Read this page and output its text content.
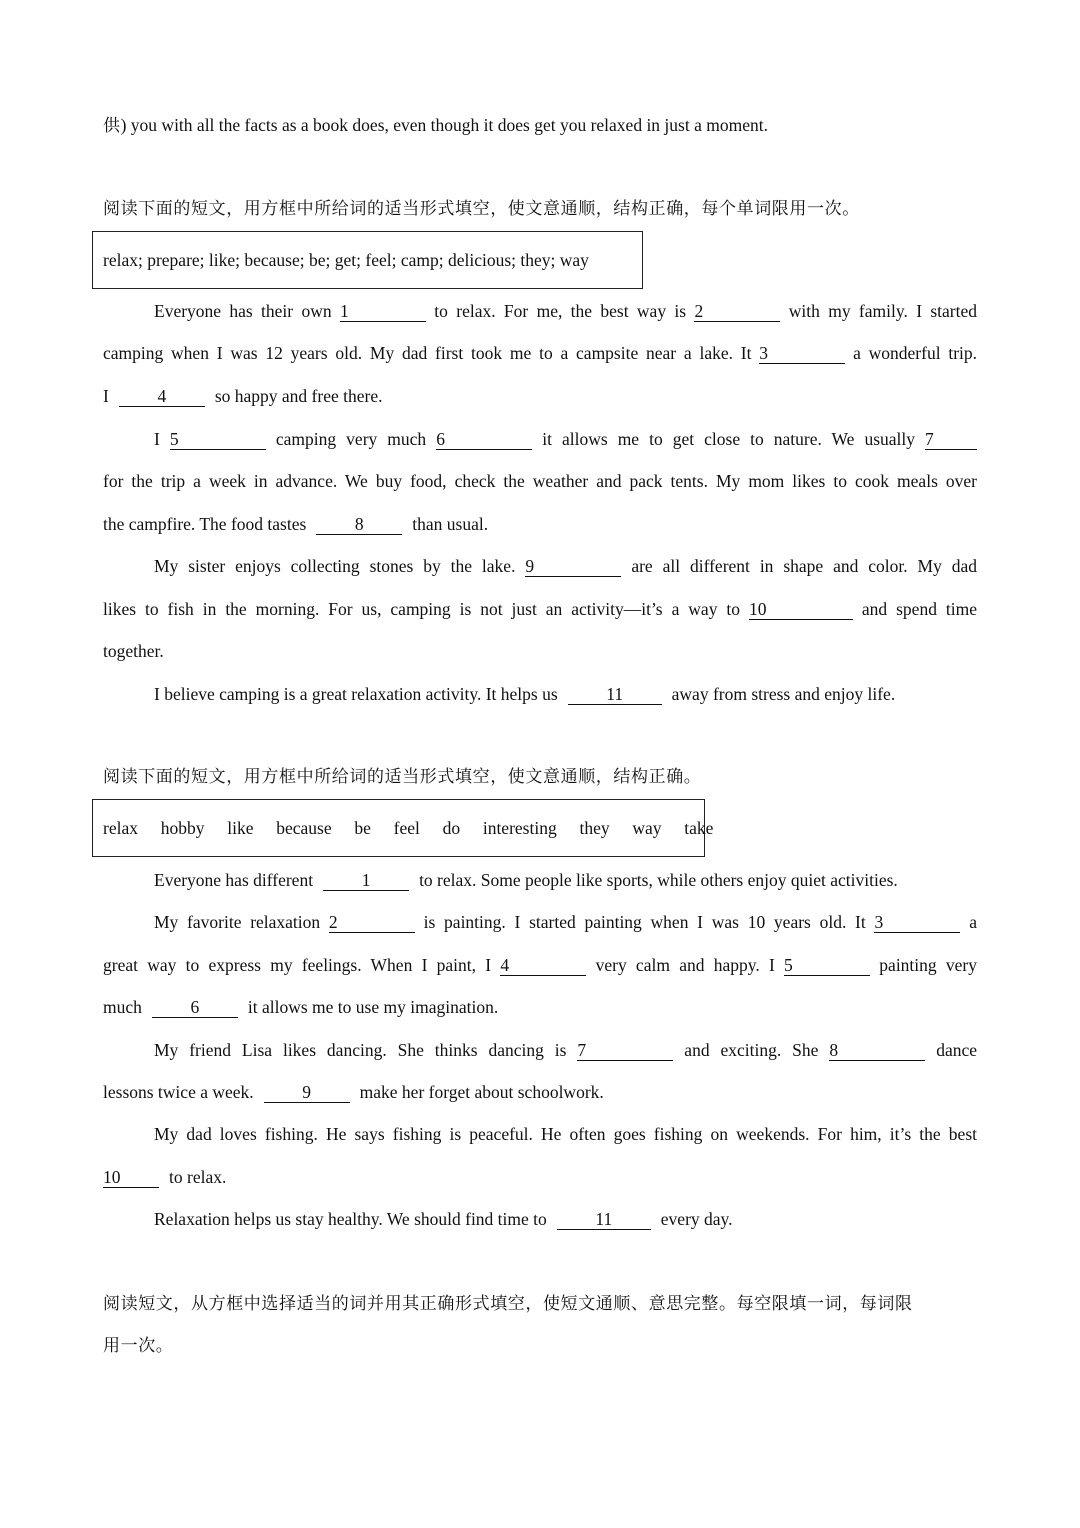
供) you with all the facts as a book does, even though it does get you relaxed in just a moment.
阅读下面的短文，用方框中所给词的适当形式填空，使文意通顺，结构正确，每个单词限用一次。
relax; prepare; like; because; be; get; feel; camp; delicious; they; way
Everyone has their own 1	to relax. For me, the best way is 2	with my family. I started
camping when I was 12 years old. My dad first took me to a campsite near a lake. It 3	a wonderful trip.
I	4	so happy and free there.
I 5	camping very much 6	it allows me to get close to nature. We usually 7
for the trip a week in advance. We buy food, check the weather and pack tents. My mom likes to cook meals over
the campfire. The food tastes	8	than usual.
My sister enjoys collecting stones by the lake. 9	are all different in shape and color. My dad
likes to fish in the morning. For us, camping is not just an activity—it’s a way to 10	and spend time
together.
I believe camping is a great relaxation activity. It helps us	11	away from stress and enjoy life.
阅读下面的短文，用方框中所给词的适当形式填空，使文意通顺，结构正确。
relax  hobby  like  because  be  feel  do  interesting  they  way  take
Everyone has different	1	to relax. Some people like sports, while others enjoy quiet activities.
My favorite relaxation 2	is painting. I started painting when I was 10 years old. It 3	a
great way to express my feelings. When I paint, I 4	very calm and happy. I 5	painting very
much	6	it allows me to use my imagination.
My friend Lisa likes dancing. She thinks dancing is 7	and exciting. She 8	dance
lessons twice a week.	9	make her forget about schoolwork.
My dad loves fishing. He says fishing is peaceful. He often goes fishing on weekends. For him, it’s the best
10	to relax.
Relaxation helps us stay healthy. We should find time to	11	every day.
阅读短文，从方框中选择适当的词并用其正确形式填空，使短文通顺、意思完整。每空限填一词，每词限
用一次。
